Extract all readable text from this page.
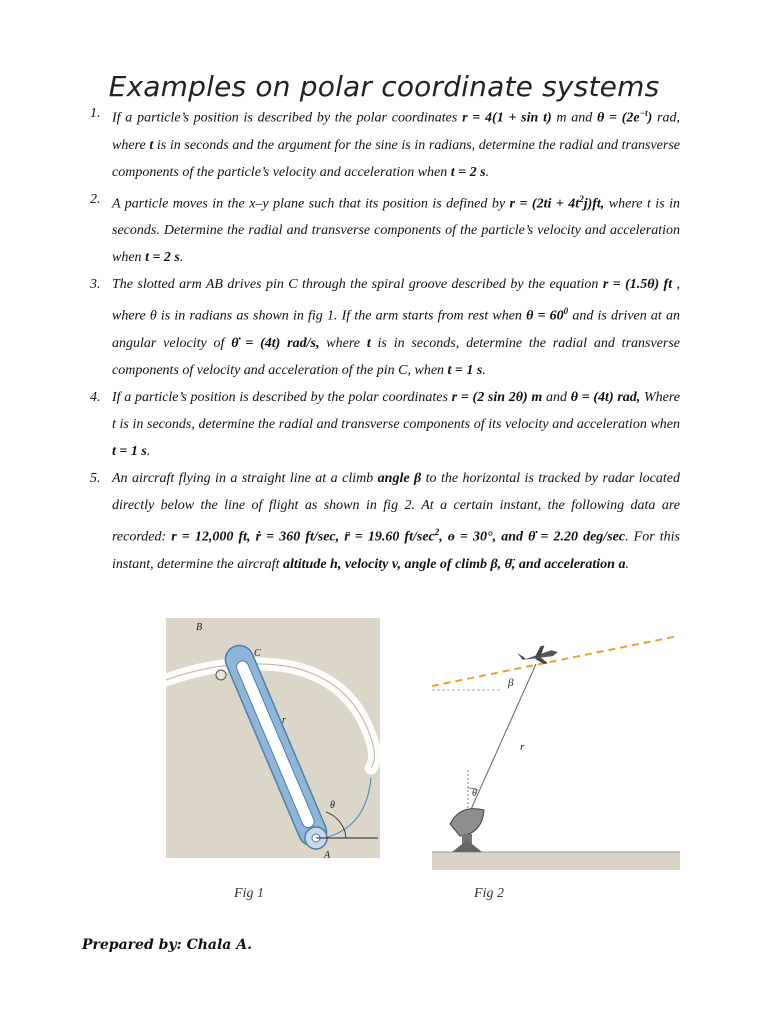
Examples on polar coordinate systems
1. If a particle’s position is described by the polar coordinates r = 4(1 + sin t) m and $\theta = (2e^{-t})$ rad, where t is in seconds and the argument for the sine is in radians, determine the radial and transverse components of the particle’s velocity and acceleration when t = 2 s.
2. A particle moves in the x–y plane such that its position is defined by $r = (2ti + 4t^2j)ft$, where t is in seconds. Determine the radial and transverse components of the particle’s velocity and acceleration when t = 2 s.
3. The slotted arm AB drives pin C through the spiral groove described by the equation r = (1.5θ) ft , where θ is in radians as shown in fig 1. If the arm starts from rest when $\theta = 60^0$ and is driven at an angular velocity of θ̇ = (4t) rad/s, where t is in seconds, determine the radial and transverse components of velocity and acceleration of the pin C, when t = 1 s.
4. If a particle’s position is described by the polar coordinates r = (2 sin 2θ) m and θ = (4t) rad, Where t is in seconds, determine the radial and transverse components of its velocity and acceleration when t = 1 s.
5. An aircraft flying in a straight line at a climb angle β to the horizontal is tracked by radar located directly below the line of flight as shown in fig 2. At a certain instant, the following data are recorded: r = 12,000 ft, ṙ = 360 ft/sec, r̈ = 19.60 $ft/\sec^2$, ɵ = 30°, and θ̇ = 2.20 deg/sec. For this instant, determine the aircraft altitude h, velocity v, angle of climb β, θ̈, and acceleration a.
B
C
r
θ
A
β
r
θ
Fig 1	Fig 2
Prepared by: Chala A.
